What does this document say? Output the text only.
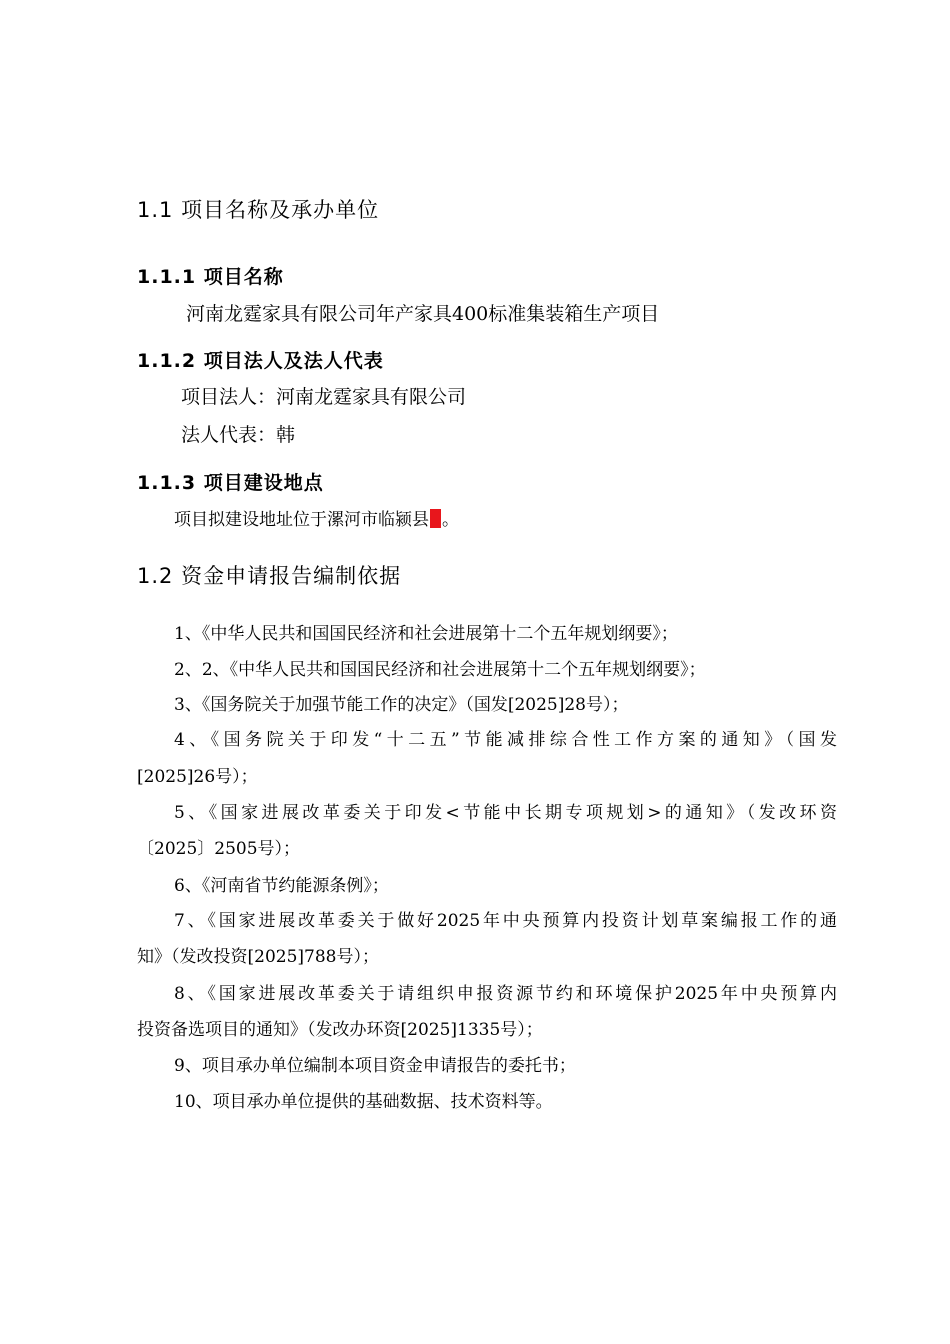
1.1 项目名称及承办单位
1.1.1 项目名称
河南龙霆家具有限公司年产家具400标准集装箱生产项目
1.1.2 项目法人及法人代表
项目法人：河南龙霆家具有限公司
法人代表：韩
1.1.3 项目建设地点
项目拟建设地址位于漯河市临颍县 。
1.2 资金申请报告编制依据
1、《中华人民共和国国民经济和社会进展第十二个五年规划纲要》；
2、2、《中华人民共和国国民经济和社会进展第十二个五年规划纲要》；
3、《国务院关于加强节能工作的决定》（国发[2025]28号）；
4、《国务院关于印发“十二五”节能减排综合性工作方案的通知》（国发
[2025]26号）；
5、《国家进展改革委关于印发<节能中长期专项规划>的通知》（发改环资
〔2025〕2505号）；
6、《河南省节约能源条例》；
7、《国家进展改革委关于做好2025年中央预算内投资计划草案编报工作的通
知》（发改投资[2025]788号）；
8、《国家进展改革委关于请组织申报资源节约和环境保护2025年中央预算内
投资备选项目的通知》（发改办环资[2025]1335号）；
9、项目承办单位编制本项目资金申请报告的委托书；
10、项目承办单位提供的基础数据、技术资料等。
